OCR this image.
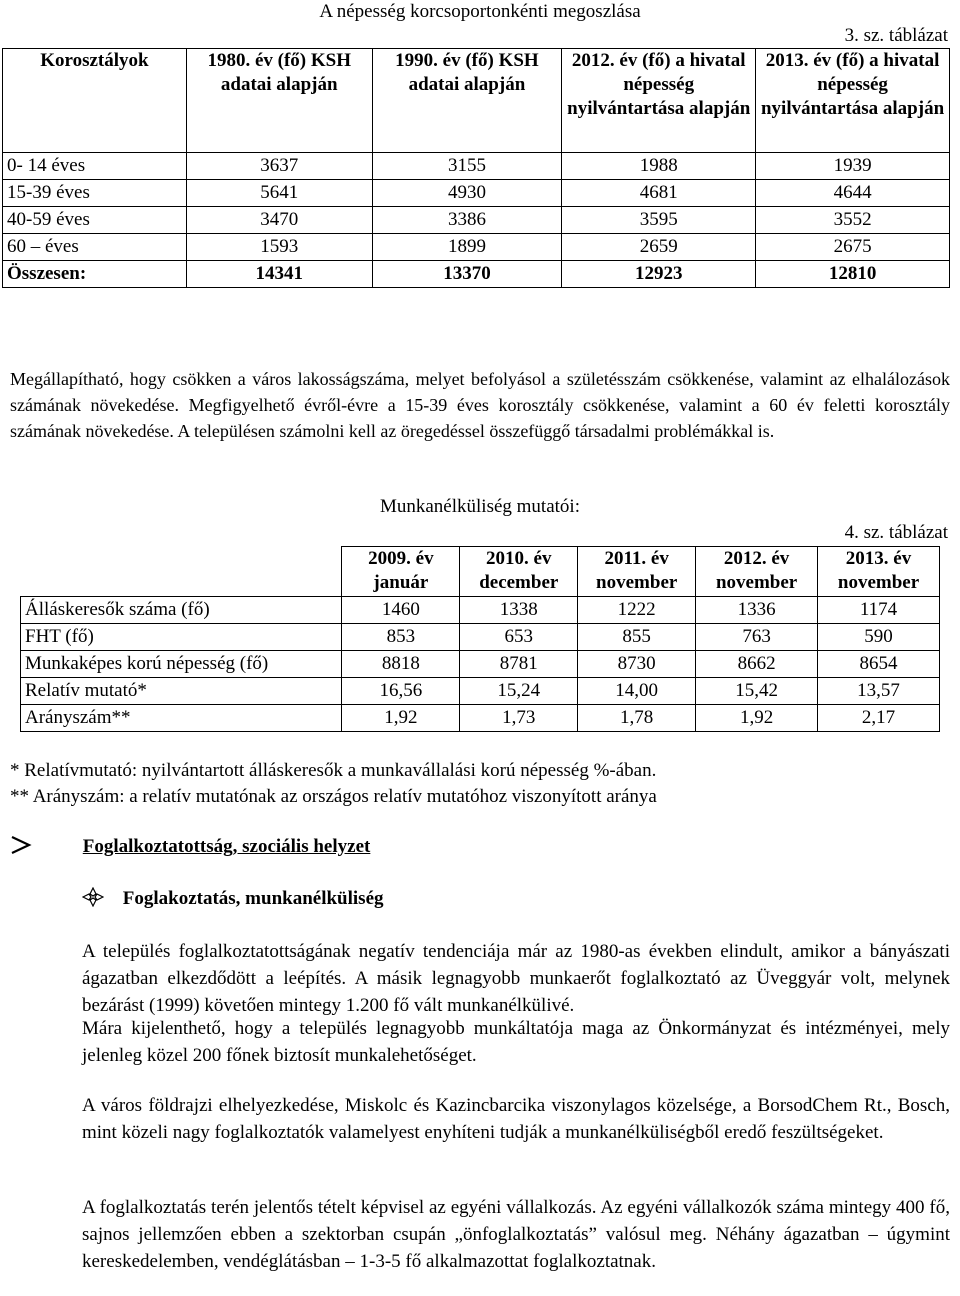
A népesség korcsoportonkénti megoszlása
3. sz. táblázat
Korosztályok	1980. év (fő) KSH adatai alapján	1990. év (fő) KSH adatai alapján	2012. év (fő) a hivatal népesség nyilvántartása alapján	2013. év (fő) a hivatal népesség nyilvántartása alapján
0- 14 éves	3637	3155	1988	1939
15-39 éves	5641	4930	4681	4644
40-59 éves	3470	3386	3595	3552
60 – éves	1593	1899	2659	2675
Összesen:	14341	13370	12923	12810
Megállapítható, hogy csökken a város lakosságszáma, melyet befolyásol a születésszám csökkenése, valamint az elhalálozások számának növekedése. Megfigyelhető évről-évre a 15-39 éves korosztály csökkenése, valamint a 60 év feletti korosztály számának növekedése. A településen számolni kell az öregedéssel összefüggő társadalmi problémákkal is.
Munkanélküliség mutatói:
4. sz. táblázat
	2009. év január	2010. év december	2011. év november	2012. év november	2013. év november
Álláskeresők száma (fő)	1460	1338	1222	1336	1174
FHT (fő)	853	653	855	763	590
Munkaképes korú népesség (fő)	8818	8781	8730	8662	8654
Relatív mutató*	16,56	15,24	14,00	15,42	13,57
Arányszám**	1,92	1,73	1,78	1,92	2,17
* Relatívmutató: nyilvántartott álláskeresők a munkavállalási korú népesség %-ában.
** Arányszám: a relatív mutatónak az országos relatív mutatóhoz viszonyított aránya
Foglalkoztatottság, szociális helyzet
Foglakoztatás, munkanélküliség
A település foglalkoztatottságának negatív tendenciája már az 1980-as években elindult, amikor a bányászati ágazatban elkezdődött a leépítés. A másik legnagyobb munkaerőt foglalkoztató az Üveggyár volt, melynek bezárást (1999) követően mintegy 1.200 fő vált munkanélkülivé.
Mára kijelenthető, hogy a település legnagyobb munkáltatója maga az Önkormányzat és intézményei, mely jelenleg közel 200 főnek biztosít munkalehetőséget.
A város földrajzi elhelyezkedése, Miskolc és Kazincbarcika viszonylagos közelsége, a BorsodChem Rt., Bosch, mint közeli nagy foglalkoztatók valamelyest enyhíteni tudják a munkanélküliségből eredő feszültségeket.
A foglalkoztatás terén jelentős tételt képvisel az egyéni vállalkozás. Az egyéni vállalkozók száma mintegy 400 fő, sajnos jellemzően ebben a szektorban csupán „önfoglalkoztatás” valósul meg. Néhány ágazatban – úgymint kereskedelemben, vendéglátásban – 1-3-5 fő alkalmazottat foglalkoztatnak.
